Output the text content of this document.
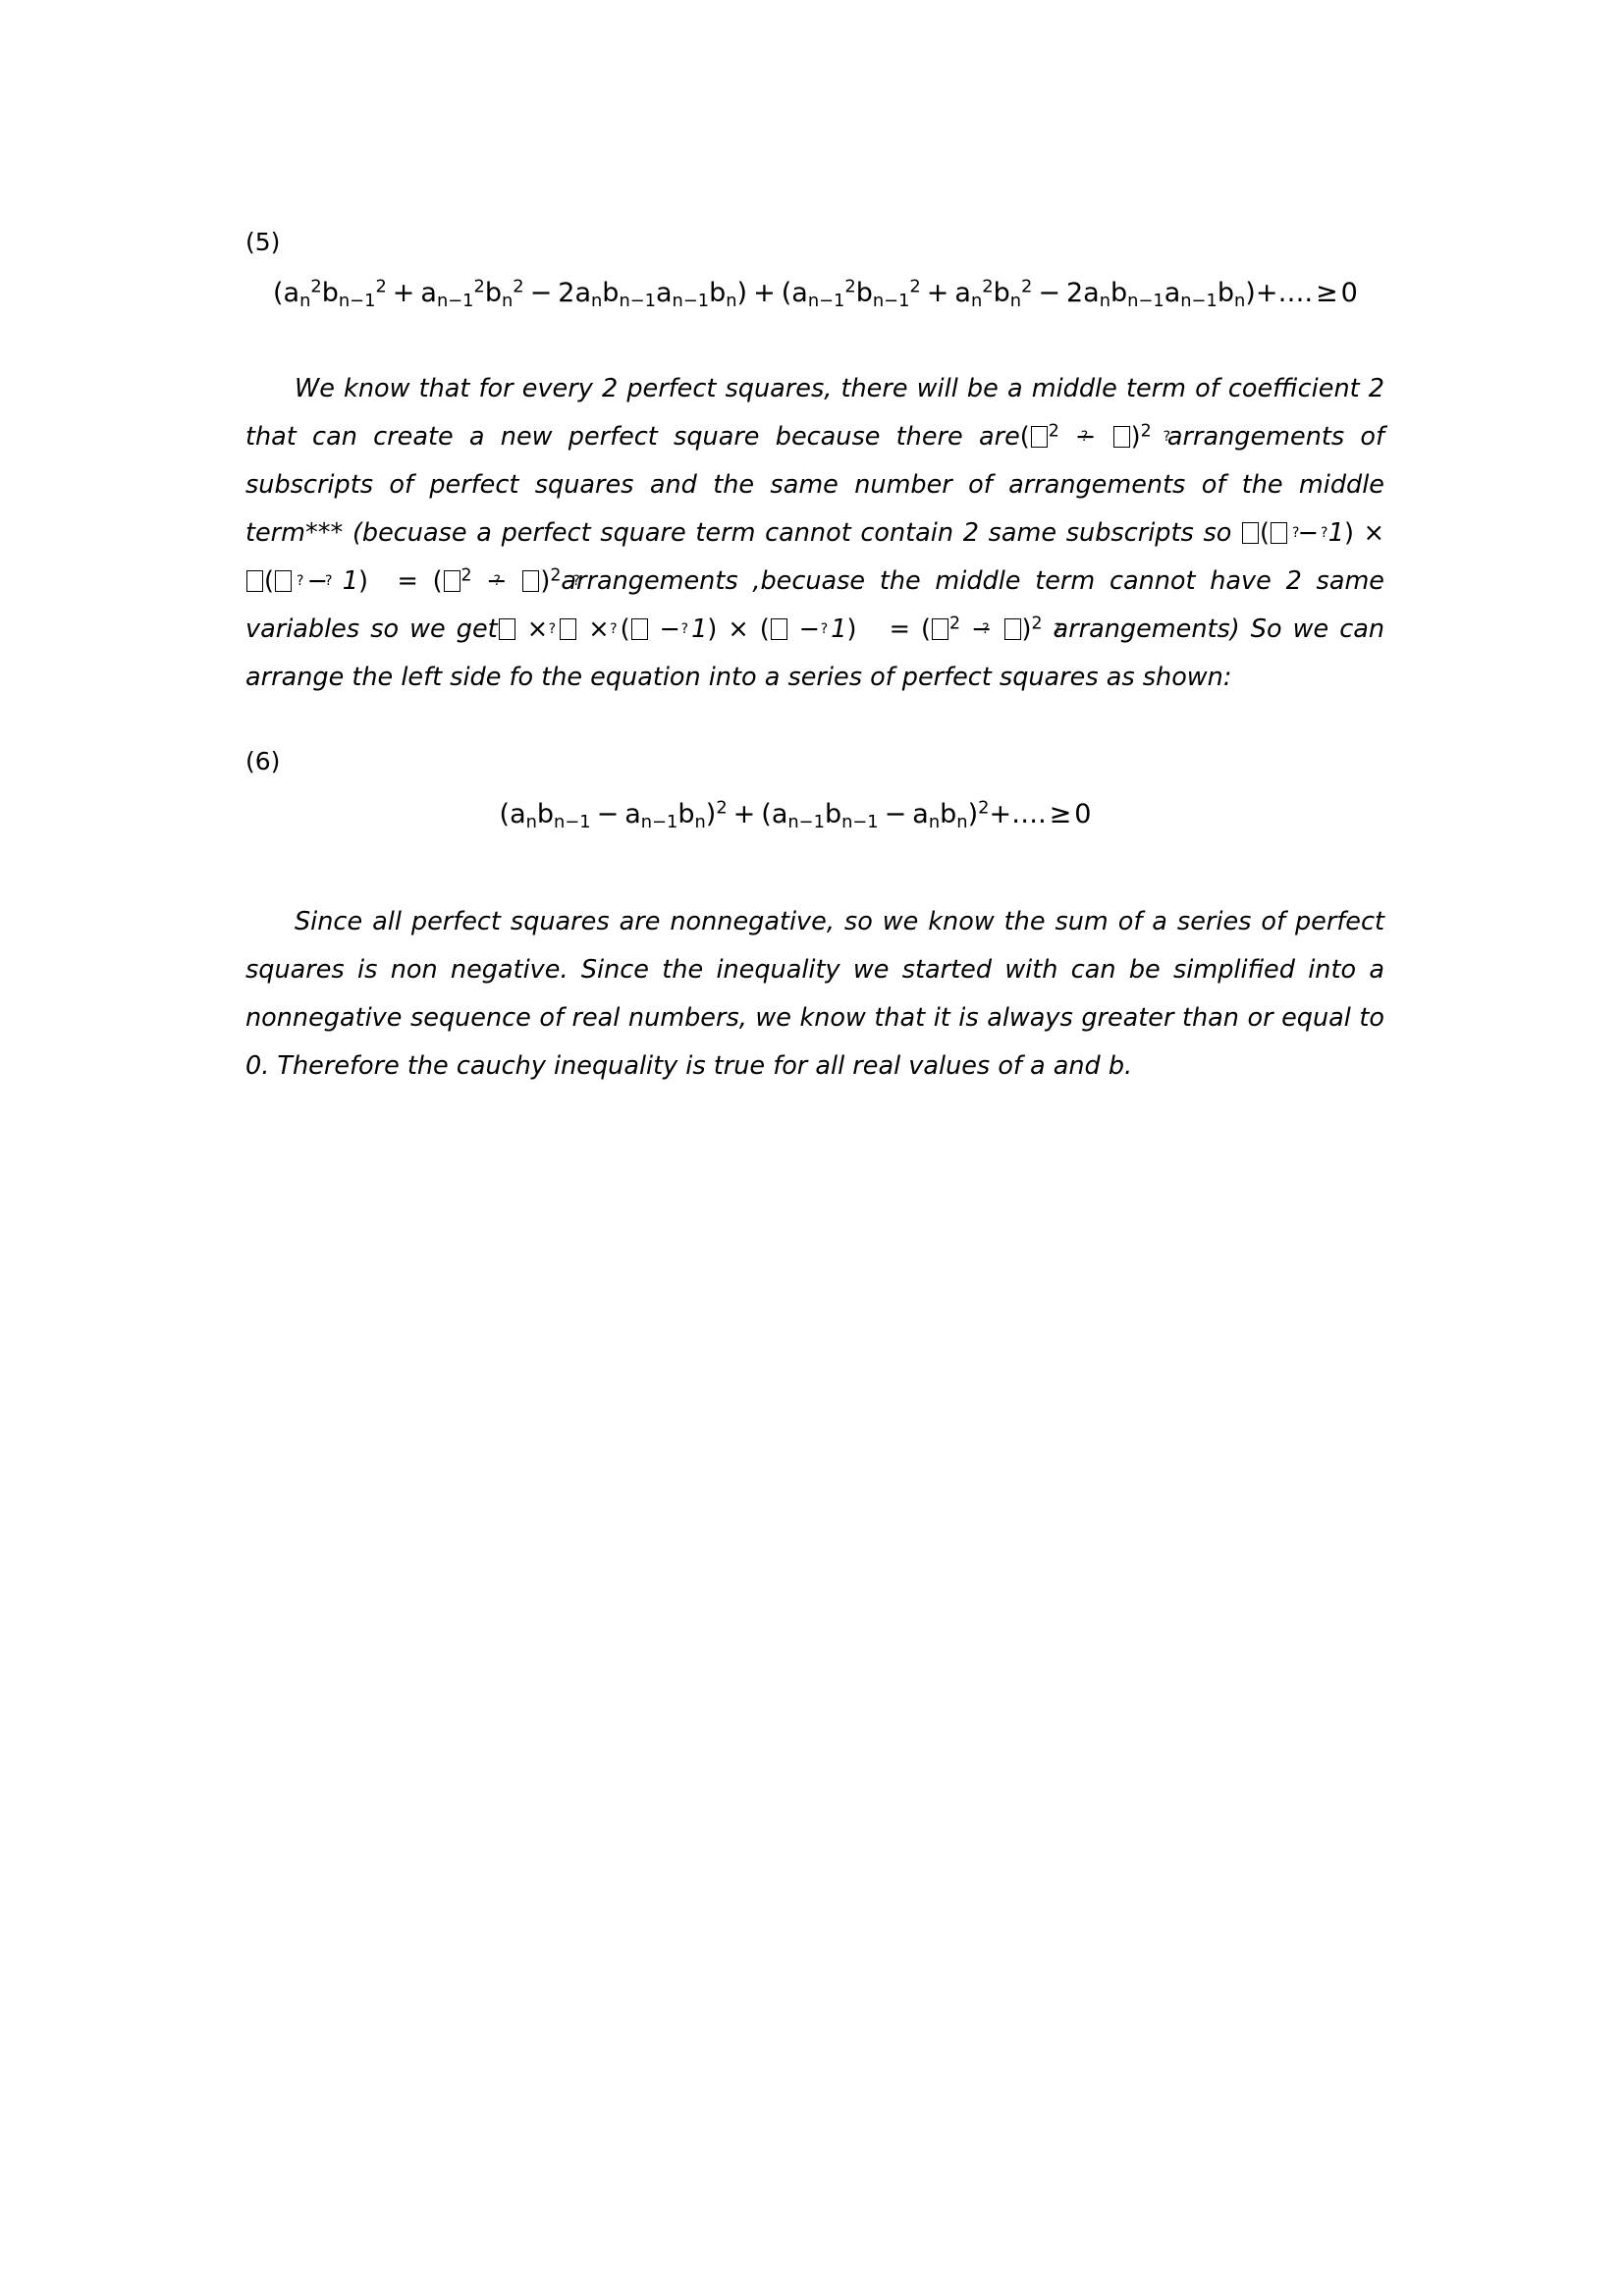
(5)
$(a_n^2b_{n-1}^2 + a_{n-1}^2b_n^2 - 2a_nb_{n-1}a_{n-1}b_n) + (a_{n-1}^2b_{n-1}^2 + a_n^2b_n^2$ − $2a_nb_{n-1}a_{n-1}b_n)+\dots$. ≥ 0

We know that for every 2 perfect squares, there will be a middle term of coefficient 2 that can create a new perfect square because there are( ? $^2$ − ? )$^2$ arrangements of subscripts of perfect squares and the same number of arrangements of the middle term*** (becuase a perfect square term cannot contain 2 same subscripts so ?( ? − 1) × ?( ? − 1) = ( ? $^2$ − ? )$^2$arrangements ,becuase the middle term cannot have 2 same variables so we get ? × ? × ( ? − 1) × ( ? − 1) = ( ? $^2$ − ? )$^2$ arrangements) So we can arrange the left side fo the equation into a series of perfect squares as shown:

(6)
$(a_nb_{n-1} - a_{n-1}b_n)^2 + (a_{n-1}b_{n-1}$ − $a_nb_n)^2+\dots$. ≥ 0

Since all perfect squares are nonnegative, so we know the sum of a series of perfect squares is non negative. Since the inequality we started with can be simplified into a nonnegative sequence of real numbers, we know that it is always greater than or equal to 0. Therefore the cauchy inequality is true for all real values of a and b.
